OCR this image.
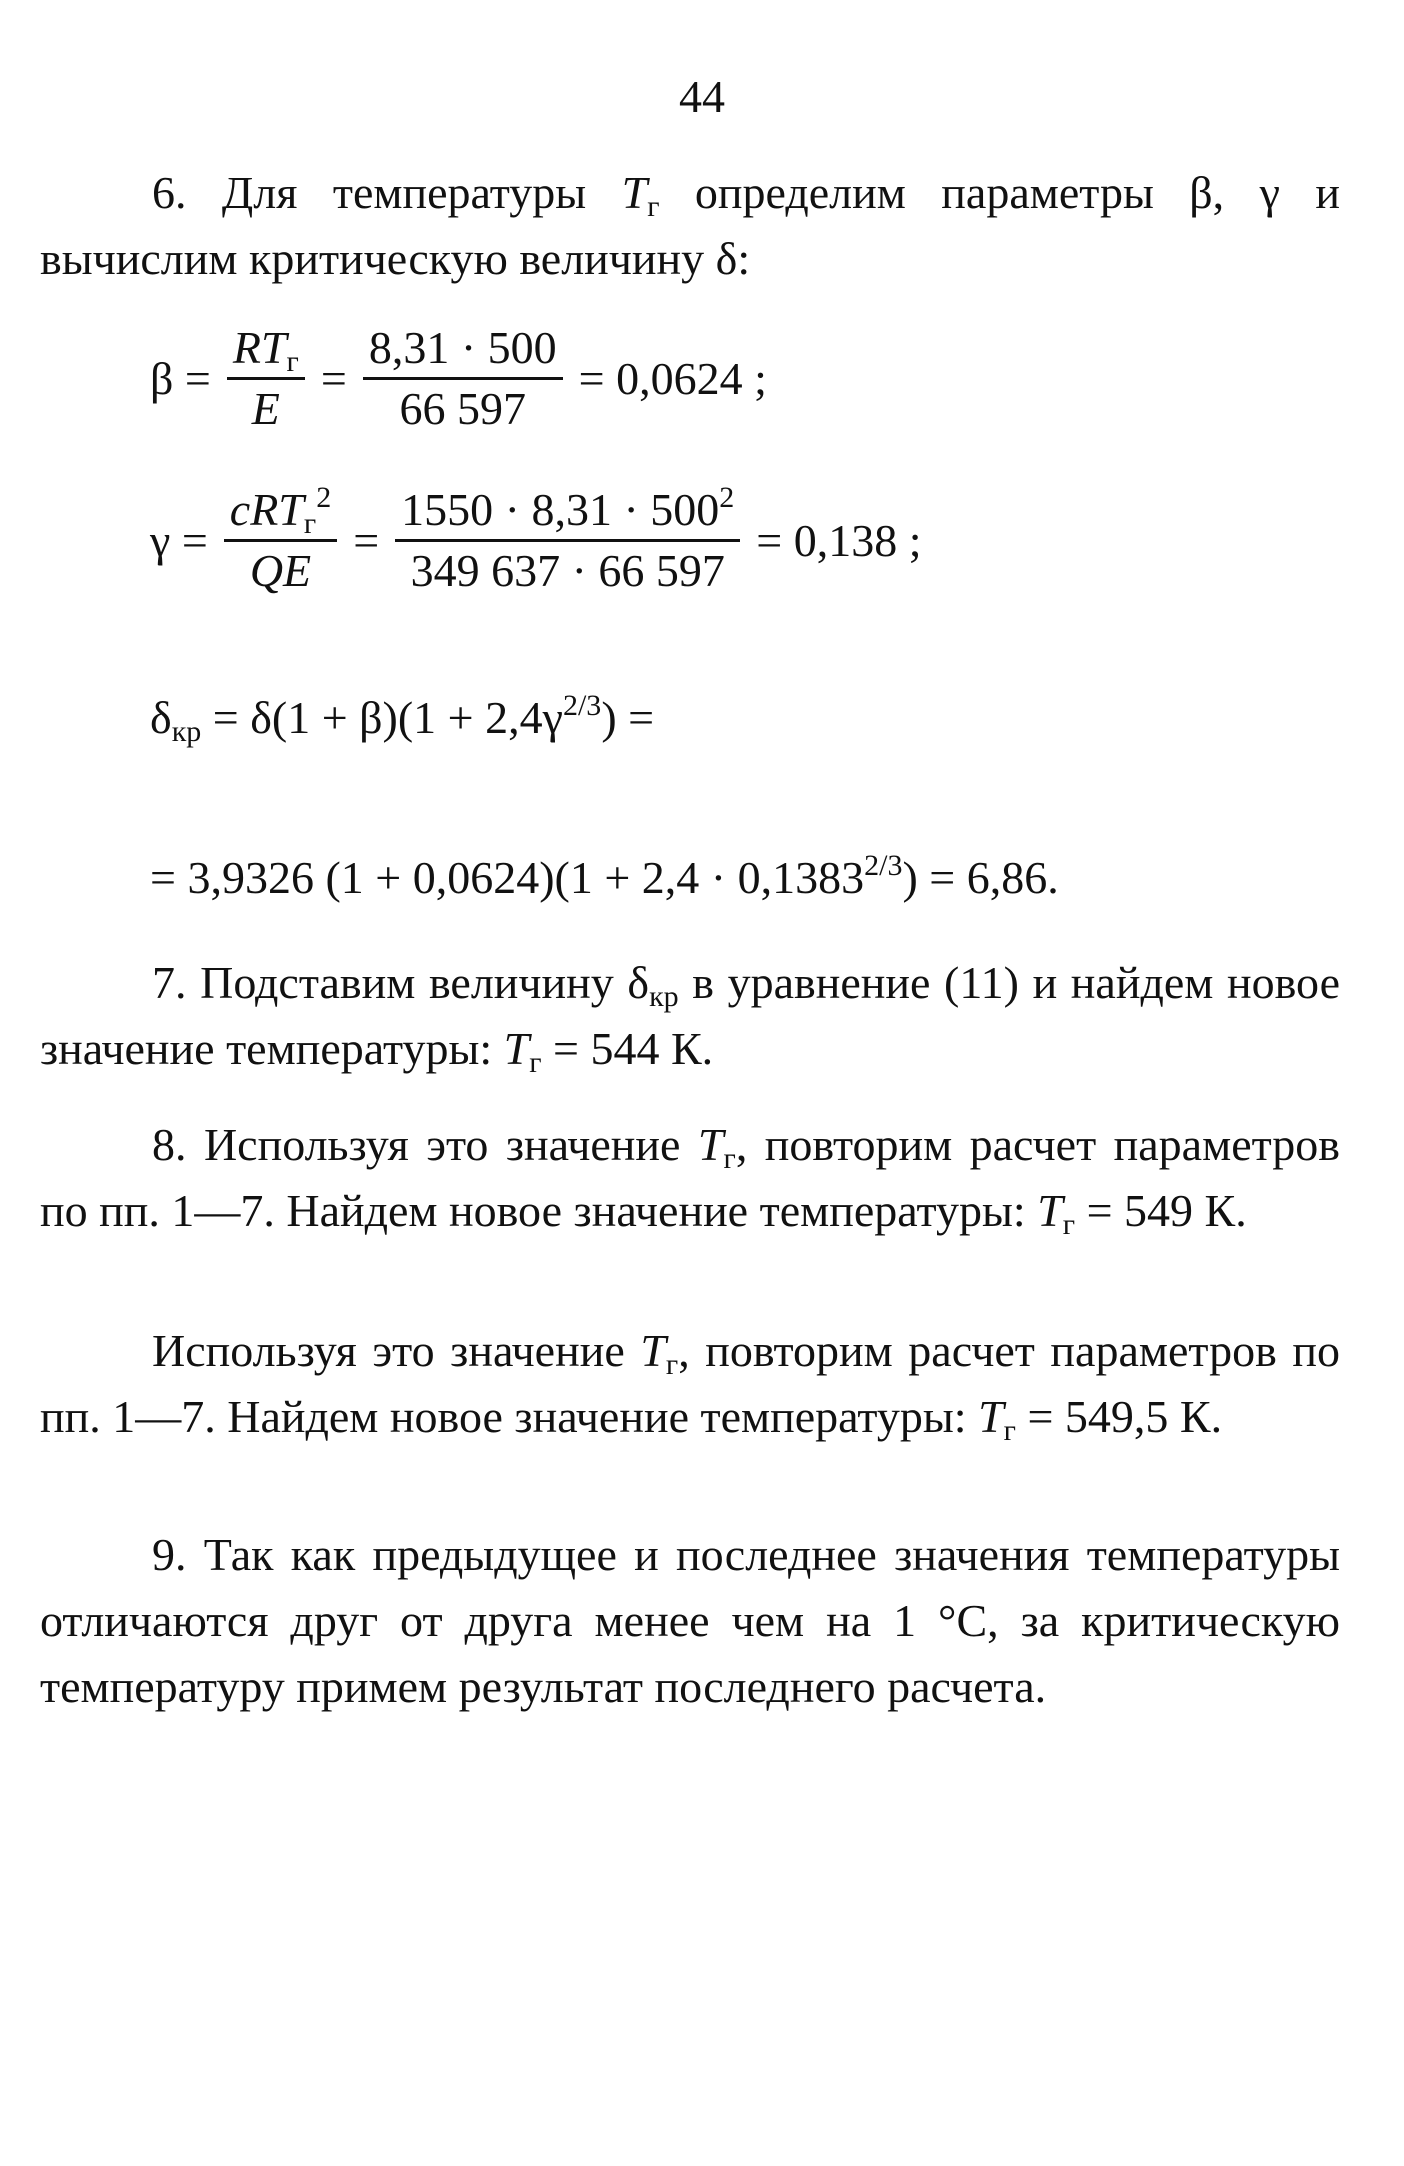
44

6. Для температуры $T_г$ определим параметры β, γ и вычислим критическую величину δ:

$\beta = \frac{RT_г}{E} = \frac{8,31 \cdot 500}{66 597} = 0,0624$ ;
$\gamma = \frac{cRT_г^2}{QE} = \frac{1550 \cdot 8,31 \cdot 500^2}{349 637 \cdot 66 597} = 0,138$ ;
$\delta_{кр} = \delta(1 + \beta)(1 + 2,4\gamma^{2/3})$ =
= 3,9326 $(1 + 0,0624)(1 + 2,4 \cdot 0,1383^{2/3}) = 6,86$.

7. Подставим величину $\delta_{кр}$ в уравнение (11) и найдем новое значение температуры: $T_г = 544$ К.

8. Используя это значение $T_г$, повторим расчет параметров по пп. 1—7. Найдем новое значение температуры: $T_г = 549$ К.

Используя это значение $T_г$, повторим расчет параметров по пп. 1—7. Найдем новое значение температуры: $T_г = 549,5$ К.

9. Так как предыдущее и последнее значения температуры отличаются друг от друга менее чем на 1 °С, за критическую температуру примем результат последнего расчета.
